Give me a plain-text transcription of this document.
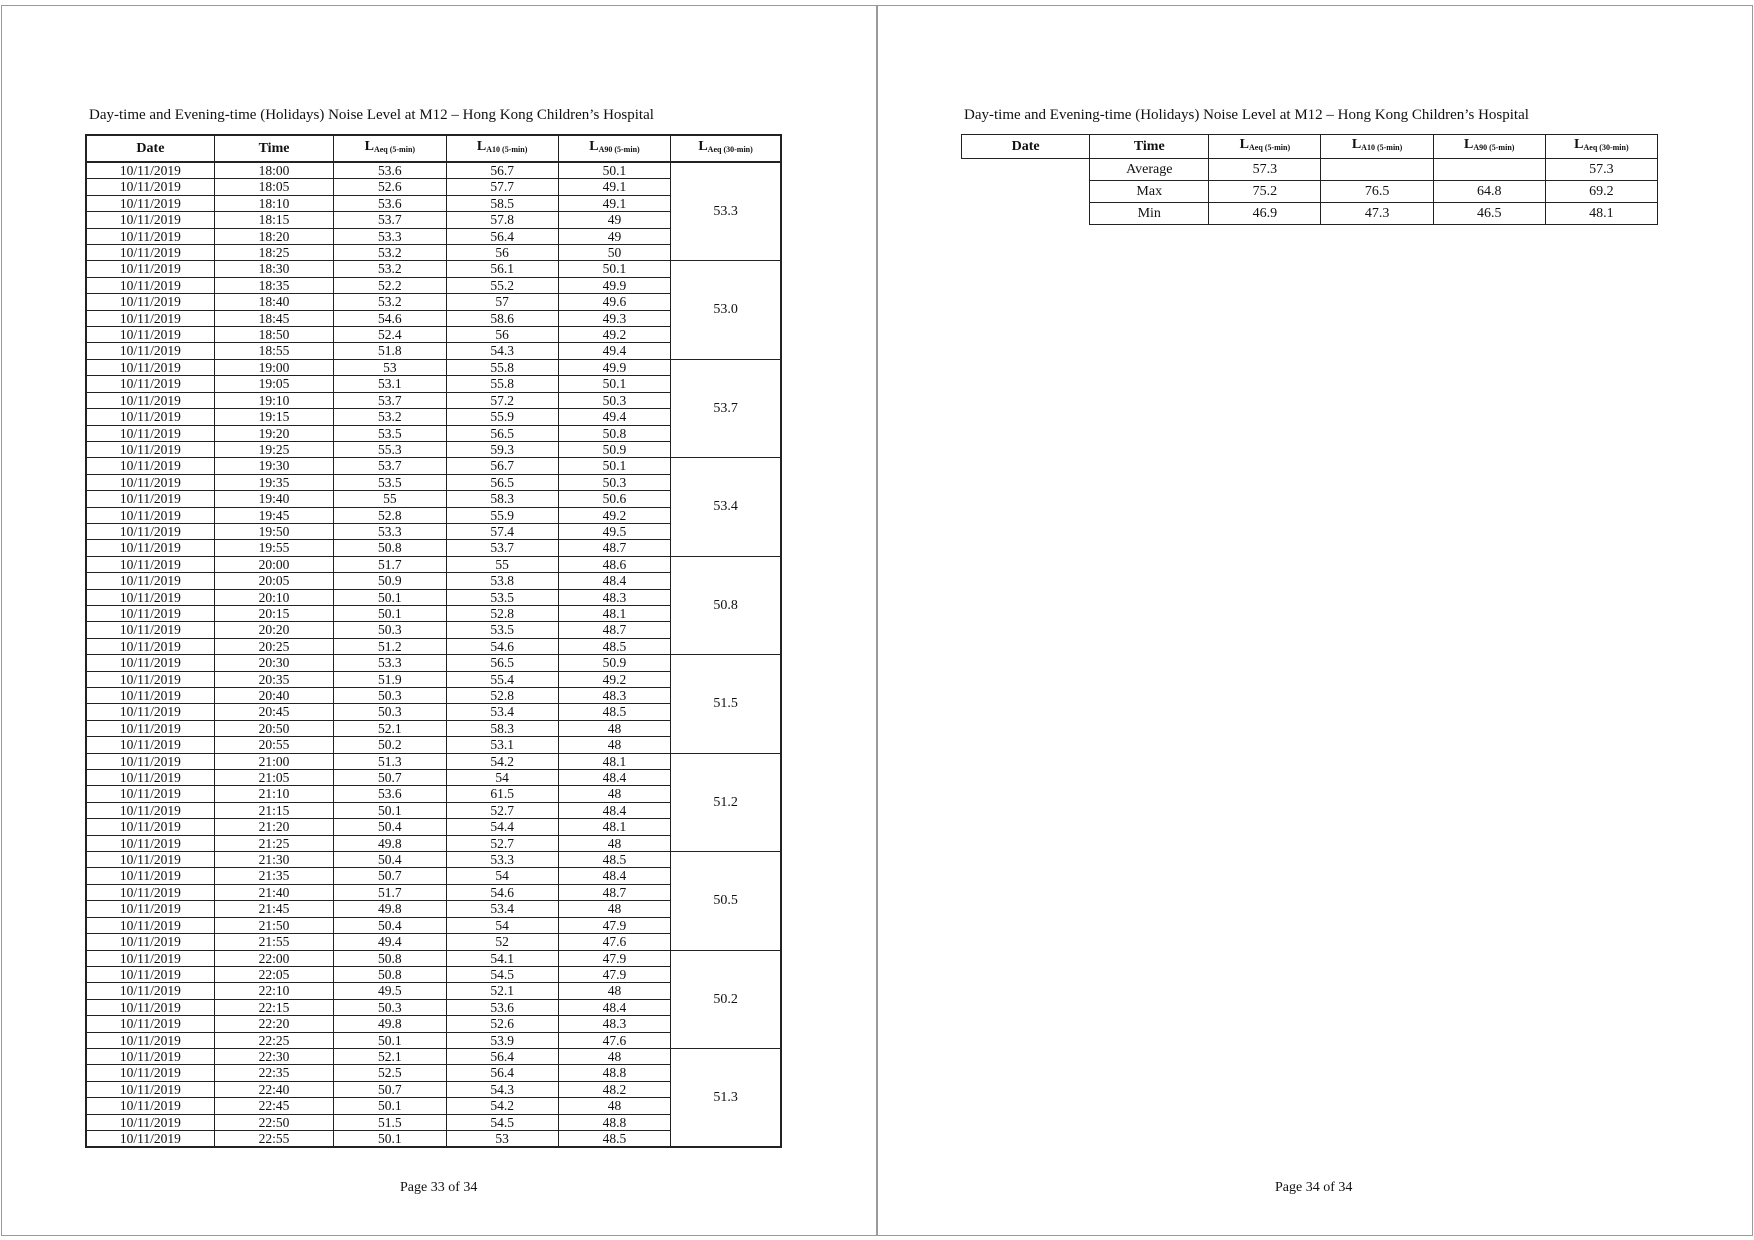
Day-time and Evening-time (Holidays) Noise Level at M12 – Hong Kong Children’s Hospital
Date	Time	$L_{Aeq (5-min)}$	$L_{A10 (5-min)}$	$L_{A90 (5-min)}$	$L_{Aeq (30-min)}$
10/11/2019	18:00	53.6	56.7	50.1	53.3
10/11/2019	18:05	52.6	57.7	49.1	
10/11/2019	18:10	53.6	58.5	49.1	
10/11/2019	18:15	53.7	57.8	49	
10/11/2019	18:20	53.3	56.4	49	
10/11/2019	18:25	53.2	56	50	
10/11/2019	18:30	53.2	56.1	50.1	53.0
10/11/2019	18:35	52.2	55.2	49.9	
10/11/2019	18:40	53.2	57	49.6	
10/11/2019	18:45	54.6	58.6	49.3	
10/11/2019	18:50	52.4	56	49.2	
10/11/2019	18:55	51.8	54.3	49.4	
10/11/2019	19:00	53	55.8	49.9	53.7
10/11/2019	19:05	53.1	55.8	50.1	
10/11/2019	19:10	53.7	57.2	50.3	
10/11/2019	19:15	53.2	55.9	49.4	
10/11/2019	19:20	53.5	56.5	50.8	
10/11/2019	19:25	55.3	59.3	50.9	
10/11/2019	19:30	53.7	56.7	50.1	53.4
10/11/2019	19:35	53.5	56.5	50.3	
10/11/2019	19:40	55	58.3	50.6	
10/11/2019	19:45	52.8	55.9	49.2	
10/11/2019	19:50	53.3	57.4	49.5	
10/11/2019	19:55	50.8	53.7	48.7	
10/11/2019	20:00	51.7	55	48.6	50.8
10/11/2019	20:05	50.9	53.8	48.4	
10/11/2019	20:10	50.1	53.5	48.3	
10/11/2019	20:15	50.1	52.8	48.1	
10/11/2019	20:20	50.3	53.5	48.7	
10/11/2019	20:25	51.2	54.6	48.5	
10/11/2019	20:30	53.3	56.5	50.9	51.5
10/11/2019	20:35	51.9	55.4	49.2	
10/11/2019	20:40	50.3	52.8	48.3	
10/11/2019	20:45	50.3	53.4	48.5	
10/11/2019	20:50	52.1	58.3	48	
10/11/2019	20:55	50.2	53.1	48	
10/11/2019	21:00	51.3	54.2	48.1	51.2
10/11/2019	21:05	50.7	54	48.4	
10/11/2019	21:10	53.6	61.5	48	
10/11/2019	21:15	50.1	52.7	48.4	
10/11/2019	21:20	50.4	54.4	48.1	
10/11/2019	21:25	49.8	52.7	48	
10/11/2019	21:30	50.4	53.3	48.5	50.5
10/11/2019	21:35	50.7	54	48.4	
10/11/2019	21:40	51.7	54.6	48.7	
10/11/2019	21:45	49.8	53.4	48	
10/11/2019	21:50	50.4	54	47.9	
10/11/2019	21:55	49.4	52	47.6	
10/11/2019	22:00	50.8	54.1	47.9	50.2
10/11/2019	22:05	50.8	54.5	47.9	
10/11/2019	22:10	49.5	52.1	48	
10/11/2019	22:15	50.3	53.6	48.4	
10/11/2019	22:20	49.8	52.6	48.3	
10/11/2019	22:25	50.1	53.9	47.6	
10/11/2019	22:30	52.1	56.4	48	51.3
10/11/2019	22:35	52.5	56.4	48.8	
10/11/2019	22:40	50.7	54.3	48.2	
10/11/2019	22:45	50.1	54.2	48	
10/11/2019	22:50	51.5	54.5	48.8	
10/11/2019	22:55	50.1	53	48.5	
Page 33 of 34
Day-time and Evening-time (Holidays) Noise Level at M12 – Hong Kong Children’s Hospital
Date	Time	$L_{Aeq (5-min)}$	$L_{A10 (5-min)}$	$L_{A90 (5-min)}$	$L_{Aeq (30-min)}$
	Average	57.3			57.3
	Max	75.2	76.5	64.8	69.2
	Min	46.9	47.3	46.5	48.1
Page 34 of 34
